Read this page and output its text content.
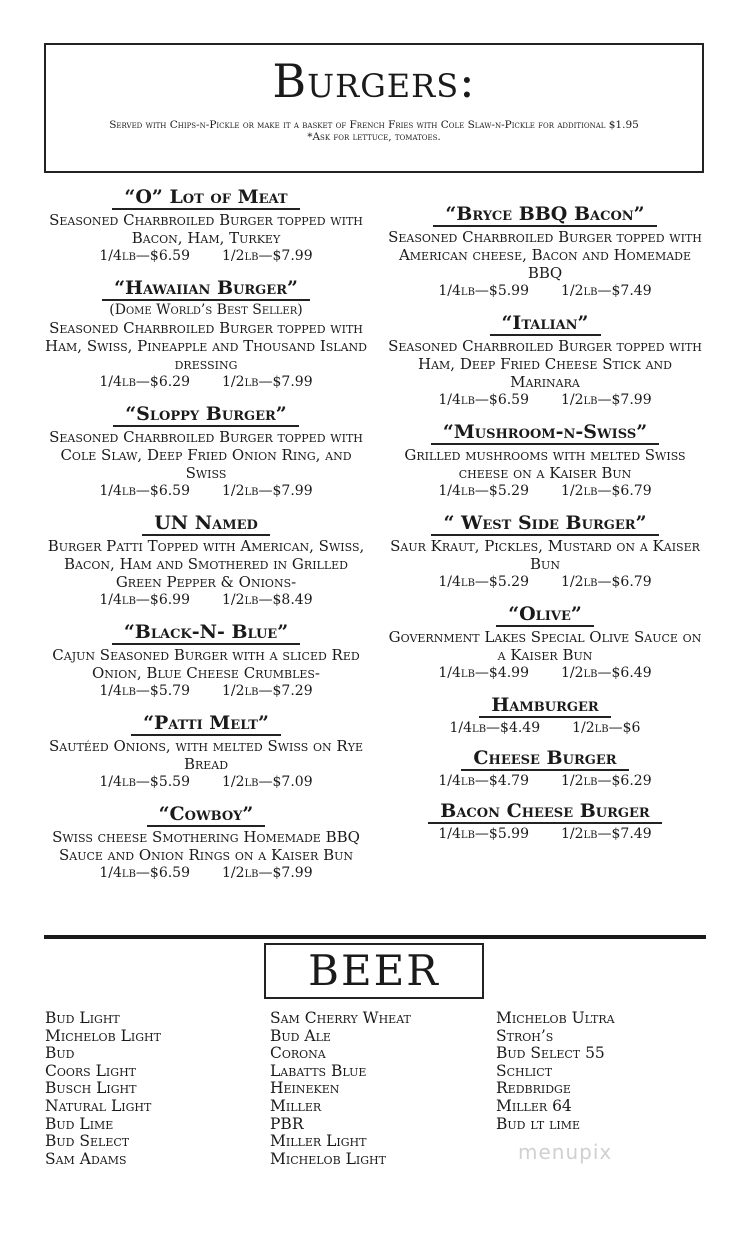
Burgers:
Served with Chips-n-Pickle or make it a basket of French Fries with Cole Slaw-n-Pickle for additional $1.95
*Ask for lettuce, tomatoes.
“O” Lot of Meat
Seasoned Charbroiled Burger topped with Bacon, Ham, Turkey
1/4lb—$6.59 1/2lb—$7.99
“Hawaiian Burger”
(Dome World’s Best Seller)
Seasoned Charbroiled Burger topped with Ham, Swiss, Pineapple and Thousand Island dressing
1/4lb—$6.29 1/2lb—$7.99
“Sloppy Burger”
Seasoned Charbroiled Burger topped with Cole Slaw, Deep Fried Onion Ring, and Swiss
1/4lb—$6.59 1/2lb—$7.99
UN Named
Burger Patti Topped with American, Swiss, Bacon, Ham and Smothered in Grilled Green Pepper & Onions-
1/4lb—$6.99 1/2lb—$8.49
“Black-N- Blue”
Cajun Seasoned Burger with a sliced Red Onion, Blue Cheese Crumbles-
1/4lb—$5.79 1/2lb—$7.29
“Patti Melt”
Sautéed Onions, with melted Swiss on Rye Bread
1/4lb—$5.59 1/2lb—$7.09
“Cowboy”
Swiss cheese Smothering Homemade BBQ Sauce and Onion Rings on a Kaiser Bun
1/4lb—$6.59 1/2lb—$7.99
“Bryce BBQ Bacon”
Seasoned Charbroiled Burger topped with American cheese, Bacon and Homemade BBQ
1/4lb—$5.99 1/2lb—$7.49
“Italian”
Seasoned Charbroiled Burger topped with Ham, Deep Fried Cheese Stick and Marinara
1/4lb—$6.59 1/2lb—$7.99
“Mushroom-n-Swiss”
Grilled mushrooms with melted Swiss cheese on a Kaiser Bun
1/4lb—$5.29 1/2lb—$6.79
“ West Side Burger”
Saur Kraut, Pickles, Mustard on a Kaiser Bun
1/4lb—$5.29 1/2lb—$6.79
“Olive”
Government Lakes Special Olive Sauce on a Kaiser Bun
1/4lb—$4.99 1/2lb—$6.49
Hamburger
1/4lb—$4.49 1/2lb—$6
Cheese Burger
1/4lb—$4.79 1/2lb—$6.29
Bacon Cheese Burger
1/4lb—$5.99 1/2lb—$7.49
BEER
Bud Light
Michelob Light
Bud
Coors Light
Busch Light
Natural Light
Bud Lime
Bud Select
Sam Adams
Sam Cherry Wheat
Bud Ale
Corona
Labatts Blue
Heineken
Miller
PBR
Miller Light
Michelob Light
Michelob Ultra
Stroh’s
Bud Select 55
Schlict
Redbridge
Miller 64
Bud lt lime
menupix
